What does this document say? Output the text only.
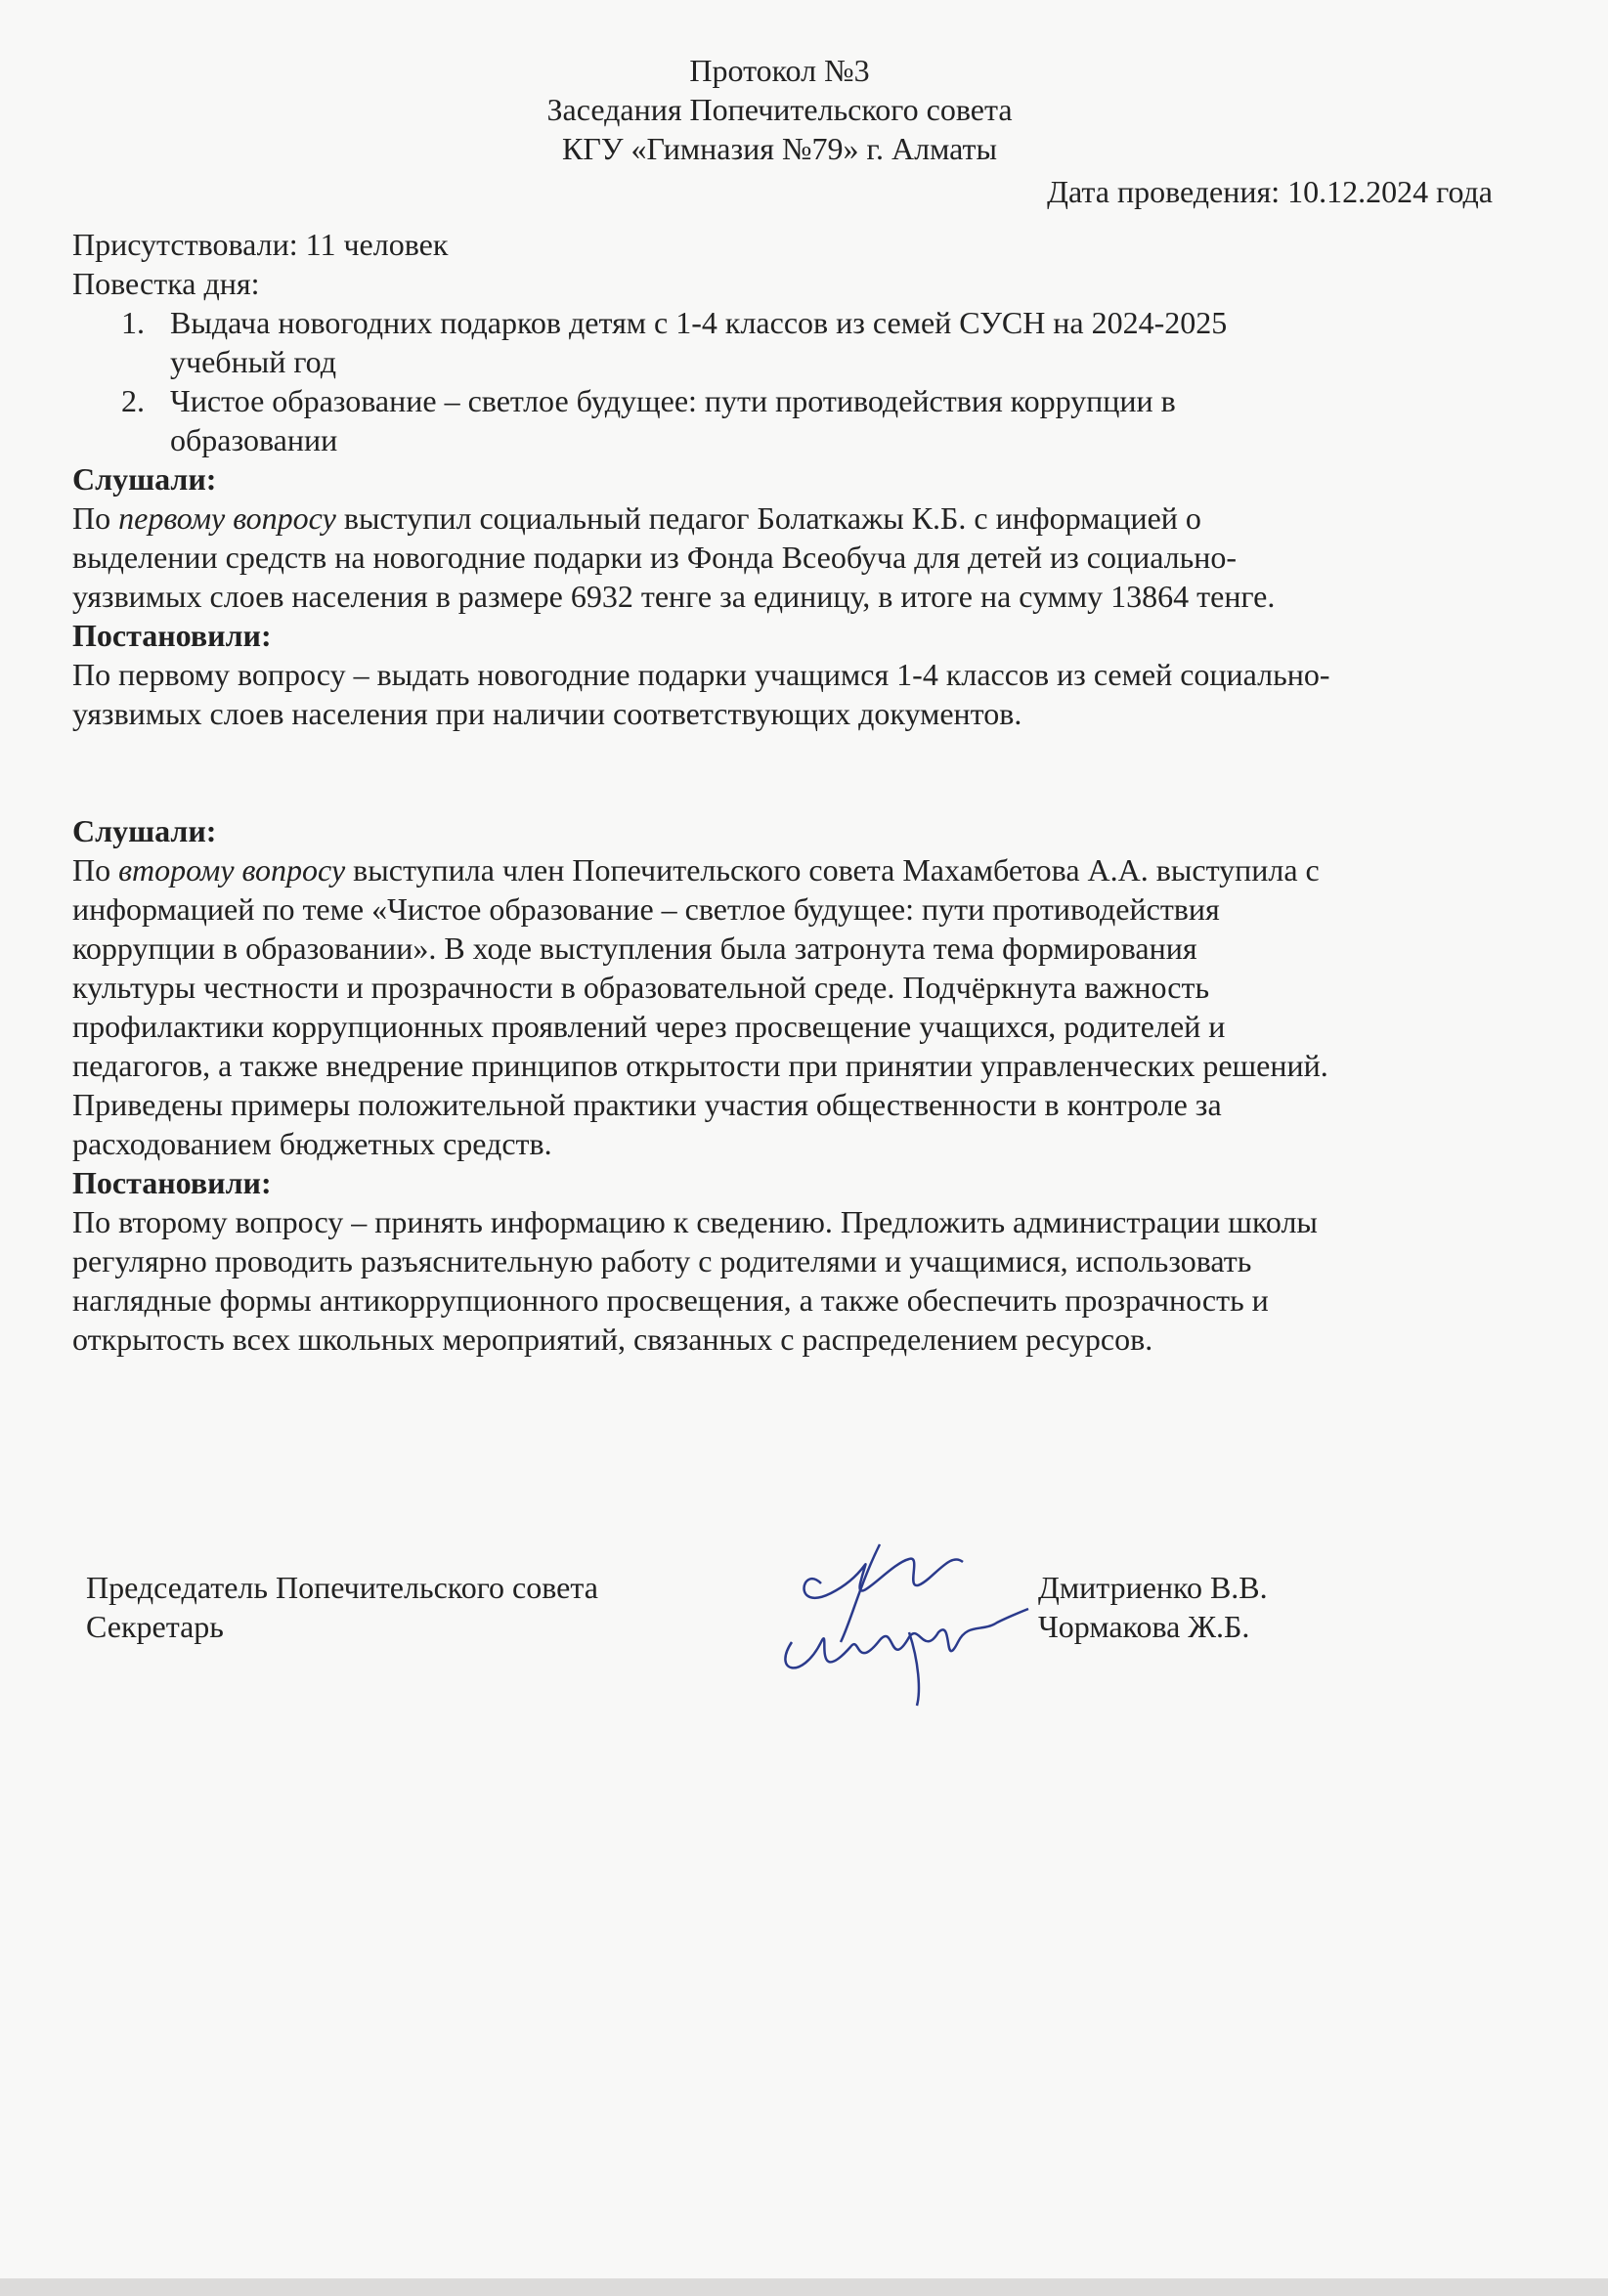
Протокол №3
Заседания Попечительского совета
КГУ «Гимназия №79» г. Алматы
Дата проведения: 10.12.2024 года

Присутствовали: 11 человек

Повестка дня:

1. Выдача новогодних подарков детям с 1-4 классов из семей СУСН на 2024-2025
учебный год
2. Чистое образование – светлое будущее: пути противодействия коррупции в
образовании

Слушали:

По первому вопросу выступил социальный педагог Болаткажы К.Б. с информацией о

выделении средств на новогодние подарки из Фонда Всеобуча для детей из социально-

уязвимых слоев населения в размере 6932 тенге за единицу, в итоге на сумму 13864 тенге.

Постановили:

По первому вопросу – выдать новогодние подарки учащимся 1-4 классов из семей социально-

уязвимых слоев населения при наличии соответствующих документов.

Слушали:

По второму вопросу выступила член Попечительского совета Махамбетова А.А. выступила с

информацией по теме «Чистое образование – светлое будущее: пути противодействия

коррупции в образовании». В ходе выступления была затронута тема формирования

культуры честности и прозрачности в образовательной среде. Подчёркнута важность

профилактики коррупционных проявлений через просвещение учащихся, родителей и

педагогов, а также внедрение принципов открытости при принятии управленческих решений.

Приведены примеры положительной практики участия общественности в контроле за

расходованием бюджетных средств.

Постановили:

По второму вопросу – принять информацию к сведению. Предложить администрации школы

регулярно проводить разъяснительную работу с родителями и учащимися, использовать

наглядные формы антикоррупционного просвещения, а также обеспечить прозрачность и

открытость всех школьных мероприятий, связанных с распределением ресурсов.

Председатель Попечительского совета
Секретарь
Дмитриенко В.В.
Чормакова Ж.Б.
